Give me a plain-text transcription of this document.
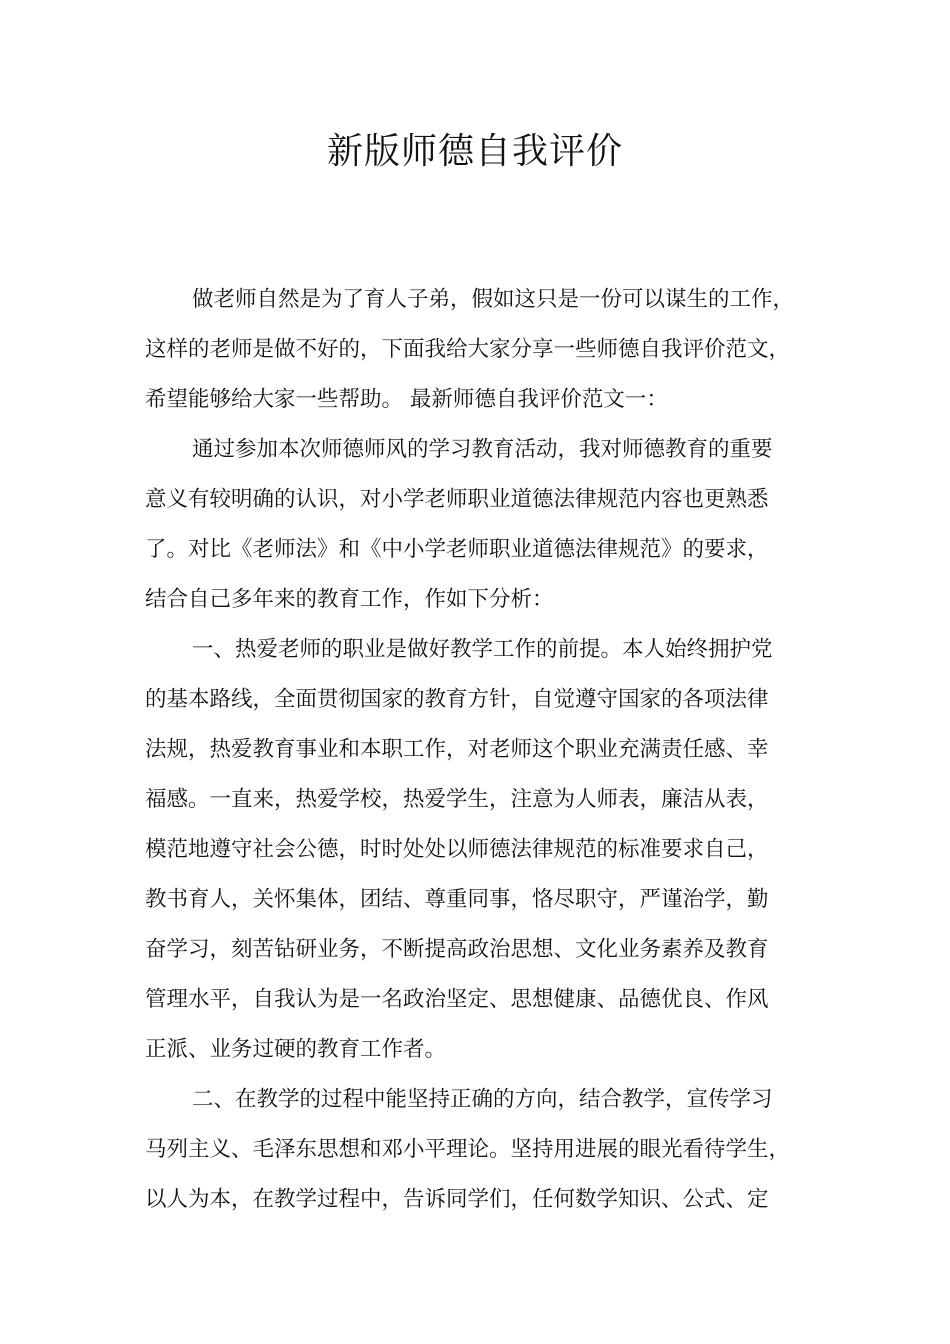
新版师德自我评价

做老师自然是为了育人子弟，假如这只是一份可以谋生的工作，

这样的老师是做不好的，下面我给大家分享一些师德自我评价范文，

希望能够给大家一些帮助。 最新师德自我评价范文一：

通过参加本次师德师风的学习教育活动，我对师德教育的重要

意义有较明确的认识，对小学老师职业道德法律规范内容也更熟悉

了。对比《老师法》和《中小学老师职业道德法律规范》的要求，

结合自己多年来的教育工作，作如下分析：

一、热爱老师的职业是做好教学工作的前提。本人始终拥护党

的基本路线，全面贯彻国家的教育方针，自觉遵守国家的各项法律

法规，热爱教育事业和本职工作，对老师这个职业充满责任感、幸

福感。一直来，热爱学校，热爱学生，注意为人师表，廉洁从表，

模范地遵守社会公德，时时处处以师德法律规范的标准要求自己，

教书育人，关怀集体，团结、尊重同事，恪尽职守，严谨治学，勤

奋学习，刻苦钻研业务，不断提高政治思想、文化业务素养及教育

管理水平，自我认为是一名政治坚定、思想健康、品德优良、作风

正派、业务过硬的教育工作者。

二、在教学的过程中能坚持正确的方向，结合教学，宣传学习

马列主义、毛泽东思想和邓小平理论。坚持用进展的眼光看待学生，

以人为本，在教学过程中，告诉同学们，任何数学知识、公式、定
